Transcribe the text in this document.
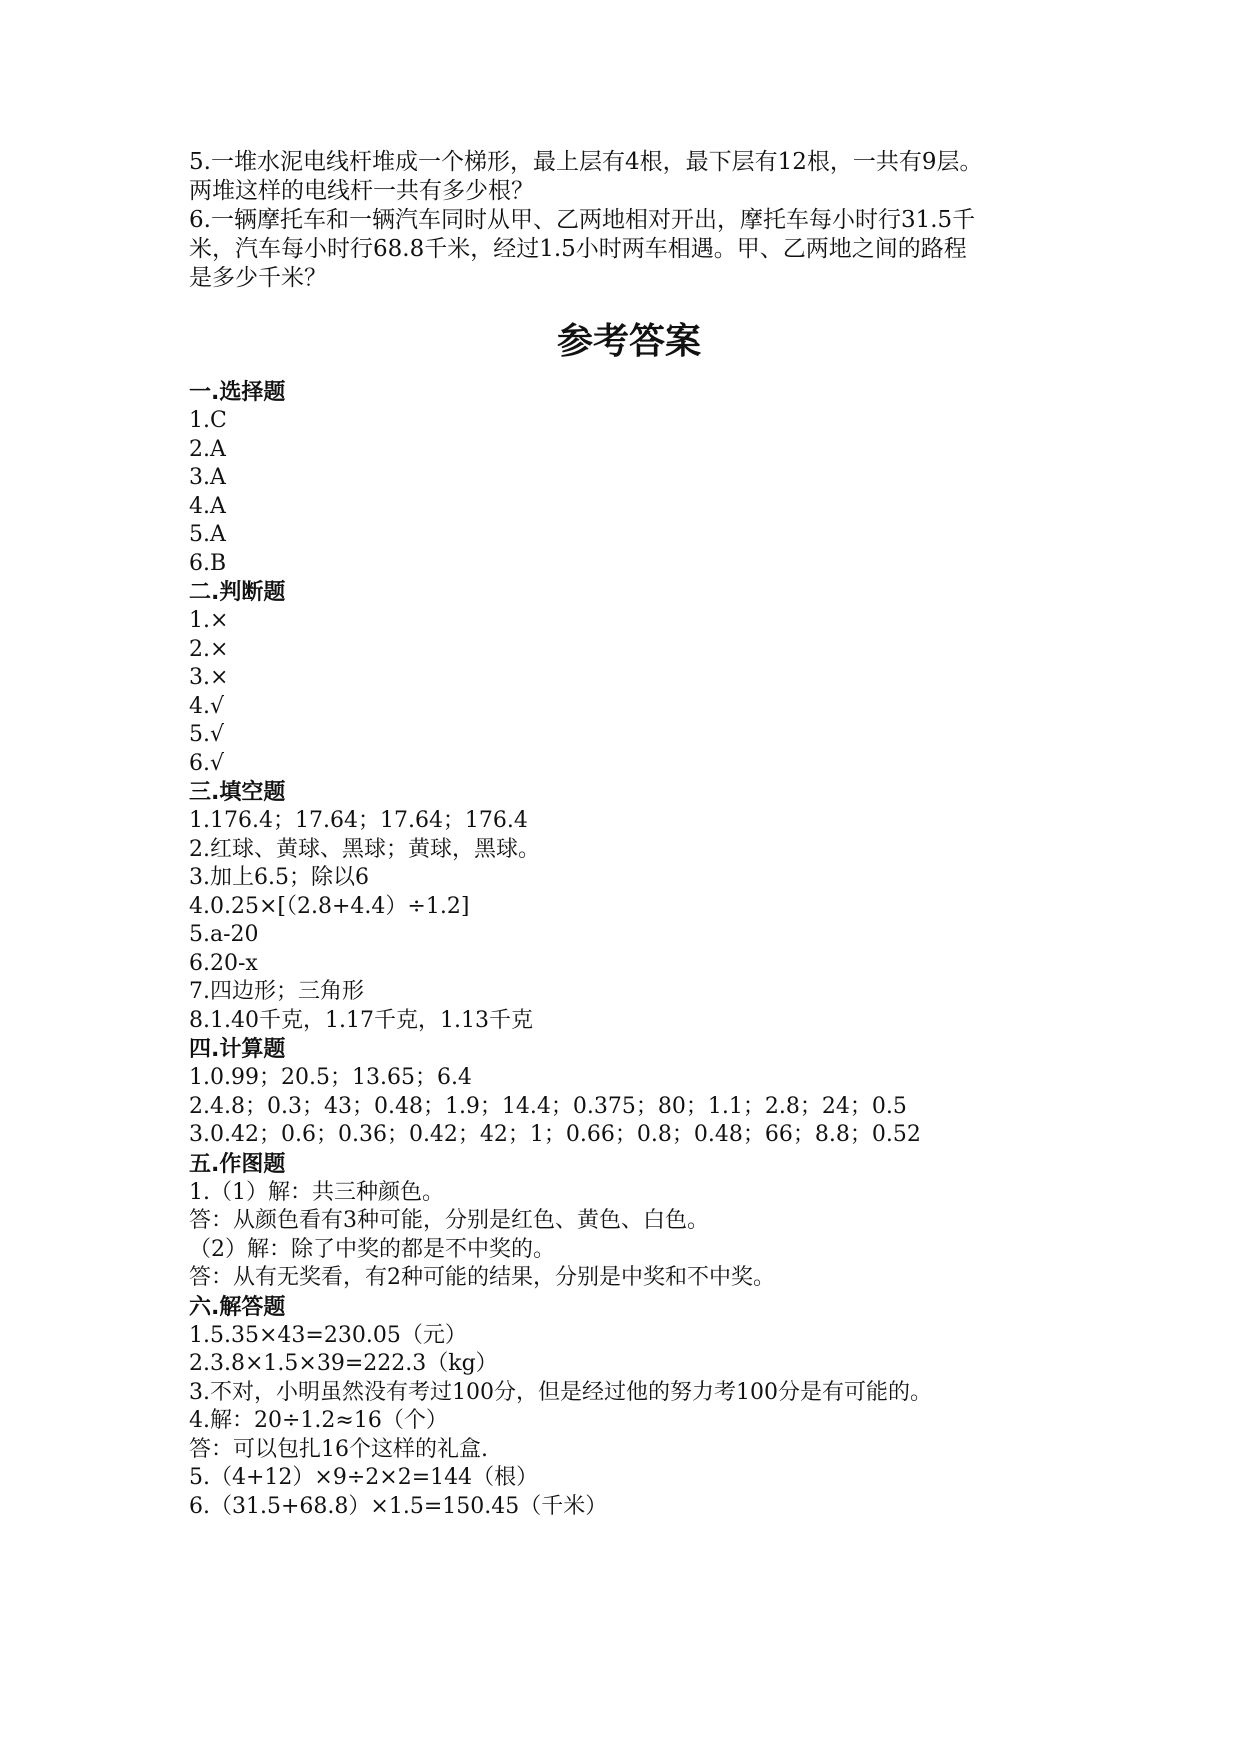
5.一堆水泥电线杆堆成一个梯形，最上层有4根，最下层有12根，一共有9层。

两堆这样的电线杆一共有多少根？

6.一辆摩托车和一辆汽车同时从甲、乙两地相对开出，摩托车每小时行31.5千

米，汽车每小时行68.8千米，经过1.5小时两车相遇。甲、乙两地之间的路程

是多少千米？

参考答案

一.选择题

1.C

2.A

3.A

4.A

5.A

6.B

二.判断题

1.×

2.×

3.×

4.√

5.√

6.√

三.填空题

1.176.4；17.64；17.64；176.4

2.红球、黄球、黑球；黄球，黑球。

3.加上6.5；除以6

4.0.25×[（2.8+4.4）÷1.2]

5.a-20

6.20-x

7.四边形；三角形

8.1.40千克，1.17千克，1.13千克

四.计算题

1.0.99；20.5；13.65；6.4

2.4.8；0.3；43；0.48；1.9；14.4；0.375；80；1.1；2.8；24；0.5

3.0.42；0.6；0.36；0.42；42；1；0.66；0.8；0.48；66；8.8；0.52

五.作图题

1.（1）解：共三种颜色。

答：从颜色看有3种可能，分别是红色、黄色、白色。

（2）解：除了中奖的都是不中奖的。

答：从有无奖看，有2种可能的结果，分别是中奖和不中奖。

六.解答题

1.5.35×43=230.05（元）

2.3.8×1.5×39=222.3（kg）

3.不对，小明虽然没有考过100分，但是经过他的努力考100分是有可能的。

4.解：20÷1.2≈16（个）

答：可以包扎16个这样的礼盒.

5.（4+12）×9÷2×2=144（根）

6.（31.5+68.8）×1.5=150.45（千米）
